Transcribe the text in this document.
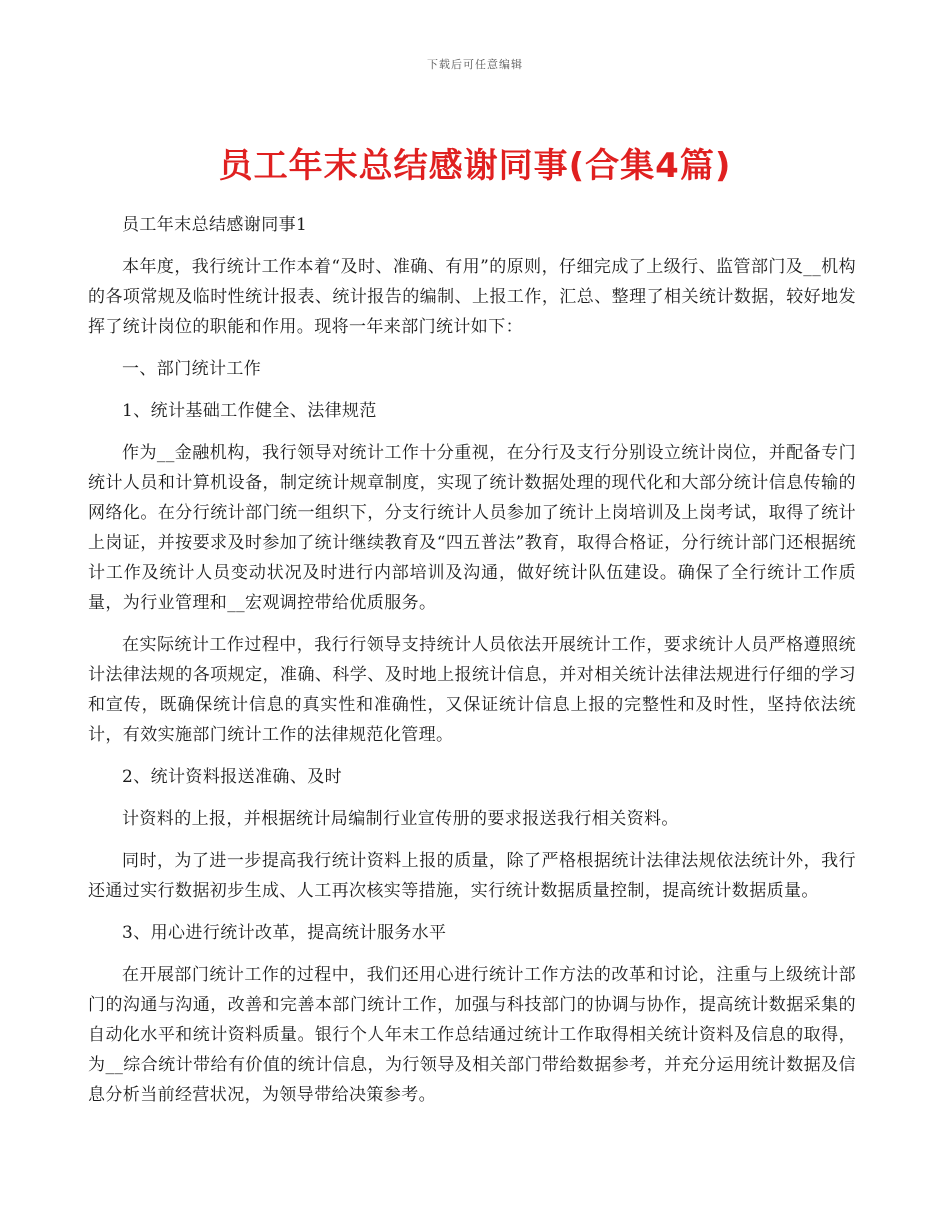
下载后可任意编辑
员工年末总结感谢同事(合集4篇)

员工年末总结感谢同事1

本年度，我行统计工作本着“及时、准确、有用”的原则，仔细完成了上级行、监管部门及__机构的各项常规及临时性统计报表、统计报告的编制、上报工作，汇总、整理了相关统计数据，较好地发挥了统计岗位的职能和作用。现将一年来部门统计如下：

一、部门统计工作

1、统计基础工作健全、法律规范

作为__金融机构，我行领导对统计工作十分重视，在分行及支行分别设立统计岗位，并配备专门统计人员和计算机设备，制定统计规章制度，实现了统计数据处理的现代化和大部分统计信息传输的网络化。在分行统计部门统一组织下，分支行统计人员参加了统计上岗培训及上岗考试，取得了统计上岗证，并按要求及时参加了统计继续教育及“四五普法”教育，取得合格证，分行统计部门还根据统计工作及统计人员变动状况及时进行内部培训及沟通，做好统计队伍建设。确保了全行统计工作质量，为行业管理和__宏观调控带给优质服务。

在实际统计工作过程中，我行行领导支持统计人员依法开展统计工作，要求统计人员严格遵照统计法律法规的各项规定，准确、科学、及时地上报统计信息，并对相关统计法律法规进行仔细的学习和宣传，既确保统计信息的真实性和准确性，又保证统计信息上报的完整性和及时性，坚持依法统计，有效实施部门统计工作的法律规范化管理。

2、统计资料报送准确、及时

计资料的上报，并根据统计局编制行业宣传册的要求报送我行相关资料。

同时，为了进一步提高我行统计资料上报的质量，除了严格根据统计法律法规依法统计外，我行还通过实行数据初步生成、人工再次核实等措施，实行统计数据质量控制，提高统计数据质量。

3、用心进行统计改革，提高统计服务水平

在开展部门统计工作的过程中，我们还用心进行统计工作方法的改革和讨论，注重与上级统计部门的沟通与沟通，改善和完善本部门统计工作，加强与科技部门的协调与协作，提高统计数据采集的自动化水平和统计资料质量。银行个人年末工作总结通过统计工作取得相关统计资料及信息的取得，为__综合统计带给有价值的统计信息，为行领导及相关部门带给数据参考，并充分运用统计数据及信息分析当前经营状况，为领导带给决策参考。
